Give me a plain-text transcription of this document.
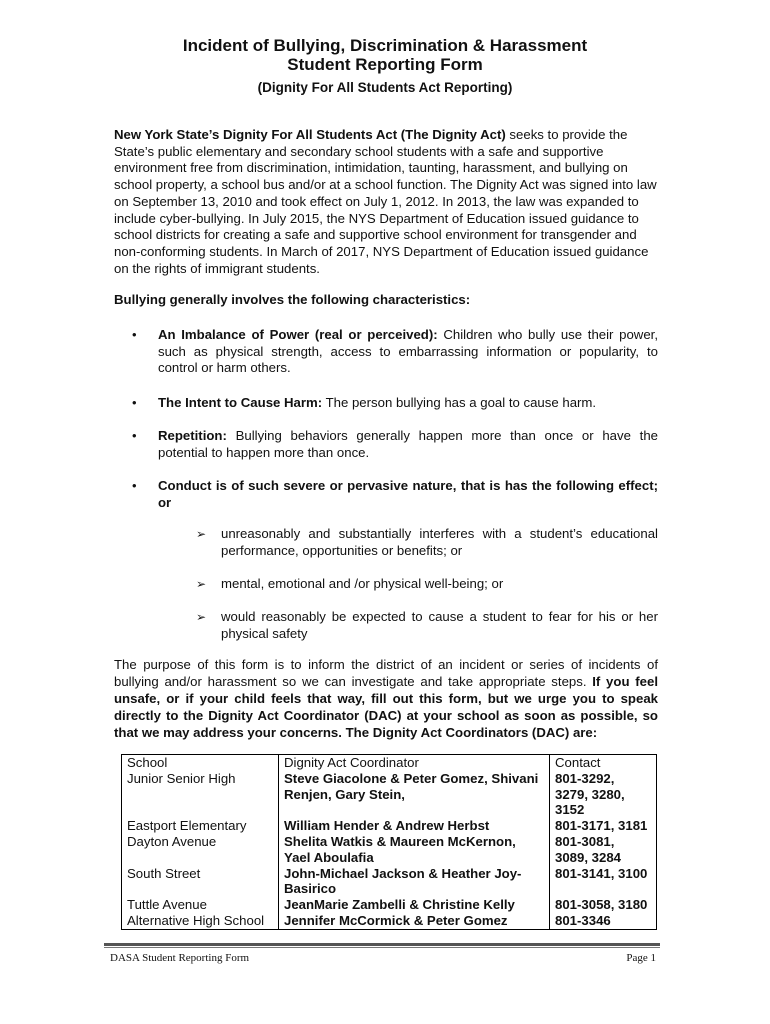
Incident of Bullying, Discrimination & Harassment
Student Reporting Form
(Dignity For All Students Act Reporting)

New York State’s Dignity For All Students Act (The Dignity Act) seeks to provide the State’s public elementary and secondary school students with a safe and supportive environment free from discrimination, intimidation, taunting, harassment, and bullying on school property, a school bus and/or at a school function. The Dignity Act was signed into law on September 13, 2010 and took effect on July 1, 2012. In 2013, the law was expanded to include cyber-bullying. In July 2015, the NYS Department of Education issued guidance to school districts for creating a safe and supportive school environment for transgender and non-conforming students. In March of 2017, NYS Department of Education issued guidance on the rights of immigrant students.

Bullying generally involves the following characteristics:
• An Imbalance of Power (real or perceived): Children who bully use their power, such as physical strength, access to embarrassing information or popularity, to control or harm others.
• The Intent to Cause Harm: The person bullying has a goal to cause harm.
• Repetition: Bullying behaviors generally happen more than once or have the potential to happen more than once.
• Conduct is of such severe or pervasive nature, that is has the following effect; or
➢ unreasonably and substantially interferes with a student’s educational performance, opportunities or benefits; or
➢ mental, emotional and /or physical well-being; or
➢ would reasonably be expected to cause a student to fear for his or her physical safety

The purpose of this form is to inform the district of an incident or series of incidents of bullying and/or harassment so we can investigate and take appropriate steps. If you feel unsafe, or if your child feels that way, fill out this form, but we urge you to speak directly to the Dignity Act Coordinator (DAC) at your school as soon as possible, so that we may address your concerns. The Dignity Act Coordinators (DAC) are:

School	Dignity Act Coordinator	Contact
Junior Senior High	Steve Giacolone & Peter Gomez, Shivani Renjen, Gary Stein,	801-3292, 3279, 3280, 3152
Eastport Elementary	William Hender & Andrew Herbst	801-3171, 3181
Dayton Avenue	Shelita Watkis & Maureen McKernon, Yael Aboulafia	801-3081, 3089, 3284
South Street	John-Michael Jackson & Heather Joy-Basirico	801-3141, 3100
Tuttle Avenue	JeanMarie Zambelli & Christine Kelly	801-3058, 3180
Alternative High School	Jennifer McCormick & Peter Gomez	801-3346
DASA Student Reporting Form	Page 1
